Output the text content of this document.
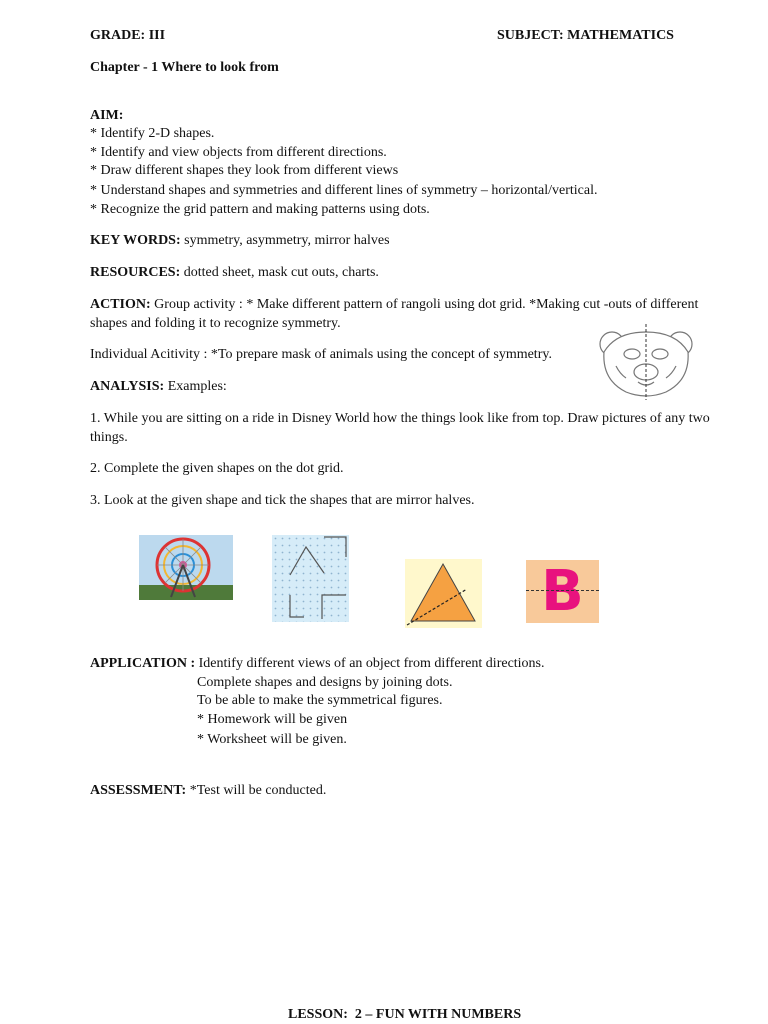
GRADE: III	SUBJECT: MATHEMATICS
Chapter - 1 Where to look from
AIM:
* Identify 2-D shapes.
* Identify and view objects from different directions.
* Draw different shapes they look from different views
* Understand shapes and symmetries and different lines of symmetry – horizontal/vertical.
* Recognize the grid pattern and making patterns using dots.
KEY WORDS: symmetry, asymmetry, mirror halves
RESOURCES: dotted sheet, mask cut outs, charts.
ACTION: Group activity : * Make different pattern of rangoli using dot grid. *Making cut -outs of different
shapes and folding it to recognize symmetry.
Individual Acitivity : *To prepare mask of animals using the concept of symmetry.
ANALYSIS: Examples:
1. While you are sitting on a ride in Disney World how the things look like from top. Draw pictures of any two
things.
2. Complete the given shapes on the dot grid.
3. Look at the given shape and tick the shapes that are mirror halves.
B
APPLICATION : Identify different views of an object from different directions.
Complete shapes and designs by joining dots.
To be able to make the symmetrical figures.
* Homework will be given
* Worksheet will be given.
ASSESSMENT: *Test will be conducted.
LESSON:  2 – FUN WITH NUMBERS
